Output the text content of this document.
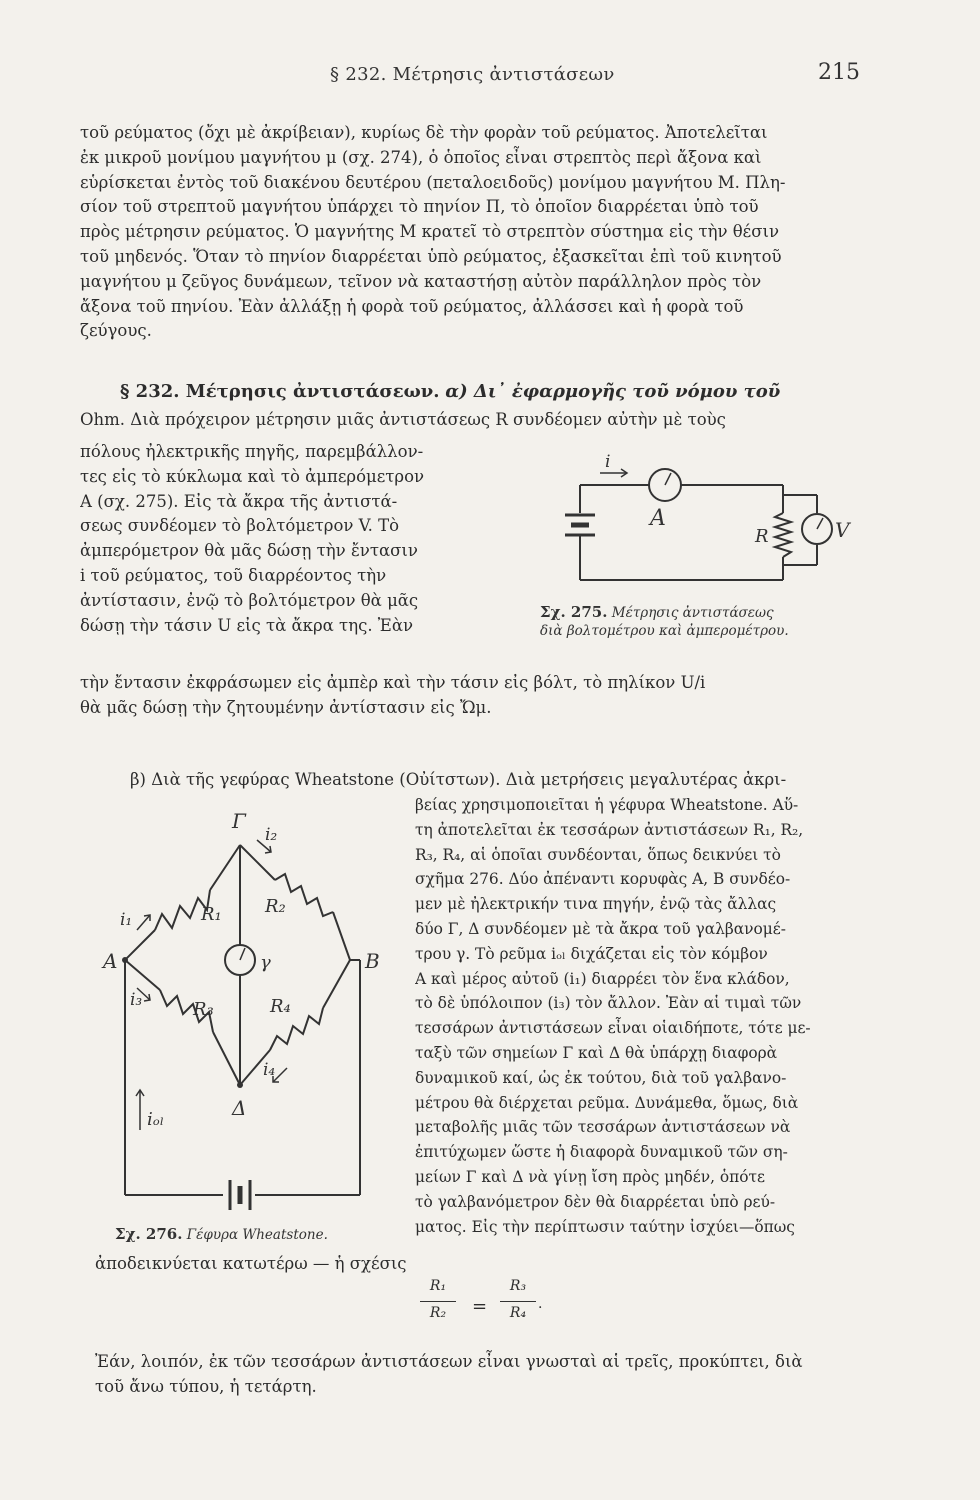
§ 232. Μέτρησις ἀντιστάσεων	215
τοῦ ρεύματος (ὄχι μὲ ἀκρίβειαν), κυρίως δὲ τὴν φορὰν τοῦ ρεύματος. Ἀποτελεῖται
ἐκ μικροῦ μονίμου μαγνήτου μ (σχ. 274), ὁ ὁποῖος εἶναι στρεπτὸς περὶ ἄξονα καὶ
εὑρίσκεται ἐντὸς τοῦ διακένου δευτέρου (πεταλοειδοῦς) μονίμου μαγνήτου Μ. Πλη-
σίον τοῦ στρεπτοῦ μαγνήτου ὑπάρχει τὸ πηνίον Π, τὸ ὁποῖον διαρρέεται ὑπὸ τοῦ
πρὸς μέτρησιν ρεύματος. Ὁ μαγνήτης Μ κρατεῖ τὸ στρεπτὸν σύστημα εἰς τὴν θέσιν
τοῦ μηδενός. Ὅταν τὸ πηνίον διαρρέεται ὑπὸ ρεύματος, ἐξασκεῖται ἐπὶ τοῦ κινητοῦ
μαγνήτου μ ζεῦγος δυνάμεων, τεῖνον νὰ καταστήσῃ αὐτὸν παράλληλον πρὸς τὸν
ἄξονα τοῦ πηνίου. Ἐὰν ἀλλάξῃ ἡ φορὰ τοῦ ρεύματος, ἀλλάσσει καὶ ἡ φορὰ τοῦ
ζεύγους.
§ 232. Μέτρησις ἀντιστάσεων. α) Δι᾽ ἐφαρμογῆς τοῦ νόμου τοῦ
Ohm. Διὰ πρόχειρον μέτρησιν μιᾶς ἀντιστάσεως R συνδέομεν αὐτὴν μὲ τοὺς
πόλους ἠλεκτρικῆς πηγῆς, παρεμβάλλον-
τες εἰς τὸ κύκλωμα καὶ τὸ ἀμπερόμετρον
Α (σχ. 275). Εἰς τὰ ἄκρα τῆς ἀντιστά-
σεως συνδέομεν τὸ βολτόμετρον V. Τὸ
ἀμπερόμετρον θὰ μᾶς δώσῃ τὴν ἔντασιν
i τοῦ ρεύματος, τοῦ διαρρέοντος τὴν
ἀντίστασιν, ἐνῷ τὸ βολτόμετρον θὰ μᾶς
δώσῃ τὴν τάσιν U εἰς τὰ ἄκρα της. Ἐὰν
τὴν ἔντασιν ἐκφράσωμεν εἰς ἀμπὲρ καὶ τὴν τάσιν εἰς βόλτ, τὸ πηλίκον U/i
θὰ μᾶς δώσῃ τὴν ζητουμένην ἀντίστασιν εἰς Ὤμ.
i
A
R	V
Σχ. 275. Μέτρησις ἀντιστάσεως
διὰ βολτομέτρου καὶ ἀμπερομέτρου.
β) Διὰ τῆς γεφύρας Wheatstone (Οὐίτστων). Διὰ μετρήσεις μεγαλυτέρας ἀκρι-
βείας χρησιμοποιεῖται ἡ γέφυρα Wheatstone. Αὕ-
τη ἀποτελεῖται ἐκ τεσσάρων ἀντιστάσεων R₁, R₂,
R₃, R₄, αἱ ὁποῖαι συνδέονται, ὅπως δεικνύει τὸ
σχῆμα 276. Δύο ἀπέναντι κορυφὰς Α, Β συνδέο-
μεν μὲ ἠλεκτρικήν τινα πηγήν, ἐνῷ τὰς ἄλλας
δύο Γ, Δ συνδέομεν μὲ τὰ ἄκρα τοῦ γαλβανομέ-
τρου γ. Τὸ ρεῦμα iₒₗ διχάζεται εἰς τὸν κόμβον
Α καὶ μέρος αὐτοῦ (i₁) διαρρέει τὸν ἕνα κλάδον,
τὸ δὲ ὑπόλοιπον (i₃) τὸν ἄλλον. Ἐὰν αἱ τιμαὶ τῶν
τεσσάρων ἀντιστάσεων εἶναι οἱαιδήποτε, τότε με-
ταξὺ τῶν σημείων Γ καὶ Δ θὰ ὑπάρχῃ διαφορὰ
δυναμικοῦ καί, ὡς ἐκ τούτου, διὰ τοῦ γαλβανο-
μέτρου θὰ διέρχεται ρεῦμα. Δυνάμεθα, ὅμως, διὰ
μεταβολῆς μιᾶς τῶν τεσσάρων ἀντιστάσεων νὰ
ἐπιτύχωμεν ὥστε ἡ διαφορὰ δυναμικοῦ τῶν ση-
μείων Γ καὶ Δ νὰ γίνῃ ἴση πρὸς μηδέν, ὁπότε
τὸ γαλβανόμετρον δὲν θὰ διαρρέεται ὑπὸ ρεύ-
ματος. Εἰς τὴν περίπτωσιν ταύτην ἰσχύει—ὅπως
Γ
Δ
A	B
R₁ R₂
R₃	R₄
i₁
i₂
i₃
i₄
iₒₗ
γ
Σχ. 276. Γέφυρα Wheatstone.
ἀποδεικνύεται κατωτέρω — ἡ σχέσις
R₁
R₂	=
R₃
R₄
.
Ἐάν, λοιπόν, ἐκ τῶν τεσσάρων ἀντιστάσεων εἶναι γνωσταὶ αἱ τρεῖς, προκύπτει, διὰ
τοῦ ἄνω τύπου, ἡ τετάρτη.
